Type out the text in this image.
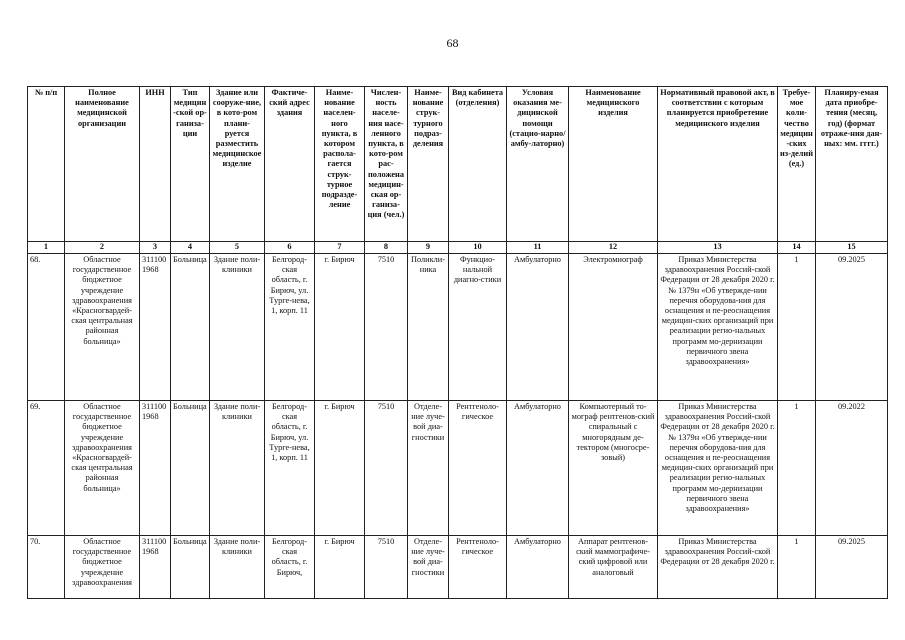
68
№ п/п	Полное наименование медицинской организации	ИНН	Тип медицин-ской ор-ганиза-ции	Здание или сооруже-ние, в кото-ром плани-руется разместить медицинское изделие	Фактиче-ский адрес здания	Наиме-нование населен-ного пункта, в котором распола-гается струк-турное подразде-ление	Числен-ность населе-ния насе-ленного пункта, в кото-ром рас-положена медицин-ская ор-ганиза-ция (чел.)	Наиме-нование струк-турного подраз-деления	Вид кабинета (отделения)	Условия оказания ме-дицинской помощи (стацио-нарно/амбу-латорно)	Наименование медицинского изделия	Нормативный правовой акт, в соответствии с которым планируется приобретение медицинского изделия	Требуе-мое коли-чество медицин-ских из-делий (ед.)	Планиру-емая дата приобре-тения (месяц, год) (формат отраже-ния дан-ных: мм. гггг.)
1	2	3	4	5	6	7	8	9	10	11	12	13	14	15
68.	Областное государственное бюджетное учреждение здравоохранения «Красногвардей-ская центральная районная больница»	3111001968	Больница	Здание поли-клиники	Белгород-ская область, г. Бирюч, ул. Турге-нева, 1, корп. 11	г. Бирюч	7510	Поликли-ника	Функцио-нальной диагно-стики	Амбулаторно	Электромиограф	Приказ Министерства здравоохранения Россий-ской Федерации от 28 декабря 2020 г. № 1379н «Об утвержде-нии перечня оборудова-ния для оснащения и пе-реоснащения медицин-ских организаций при реализации регио-нальных программ мо-дернизации первичного звена здравоохранения»	1	09.2025
69.	Областное государственное бюджетное учреждение здравоохранения «Красногвардей-ская центральная районная больница»	3111001968	Больница	Здание поли-клиники	Белгород-ская область, г. Бирюч, ул. Турге-нева, 1, корп. 11	г. Бирюч	7510	Отделе-ние луче-вой диа-гностики	Рентгеноло-гическое	Амбулаторно	Компьютерный то-мограф рентгенов-ский спиральный с многорядным де-тектором (многосре-зовый)	Приказ Министерства здравоохранения Россий-ской Федерации от 28 декабря 2020 г. № 1379н «Об утвержде-нии перечня оборудова-ния для оснащения и пе-реоснащения медицин-ских организаций при реализации регио-нальных программ мо-дернизации первичного звена здравоохранения»	1	09.2022
70.	Областное государственное бюджетное учреждение здравоохранения	3111001968	Больница	Здание поли-клиники	Белгород-ская область, г. Бирюч,	г. Бирюч	7510	Отделе-ние луче-вой диа-гностики	Рентгеноло-гическое	Амбулаторно	Аппарат рентгенов-ский маммографиче-ский цифровой или аналоговый	Приказ Министерства здравоохранения Россий-ской Федерации от 28 декабря 2020 г.	1	09.2025
